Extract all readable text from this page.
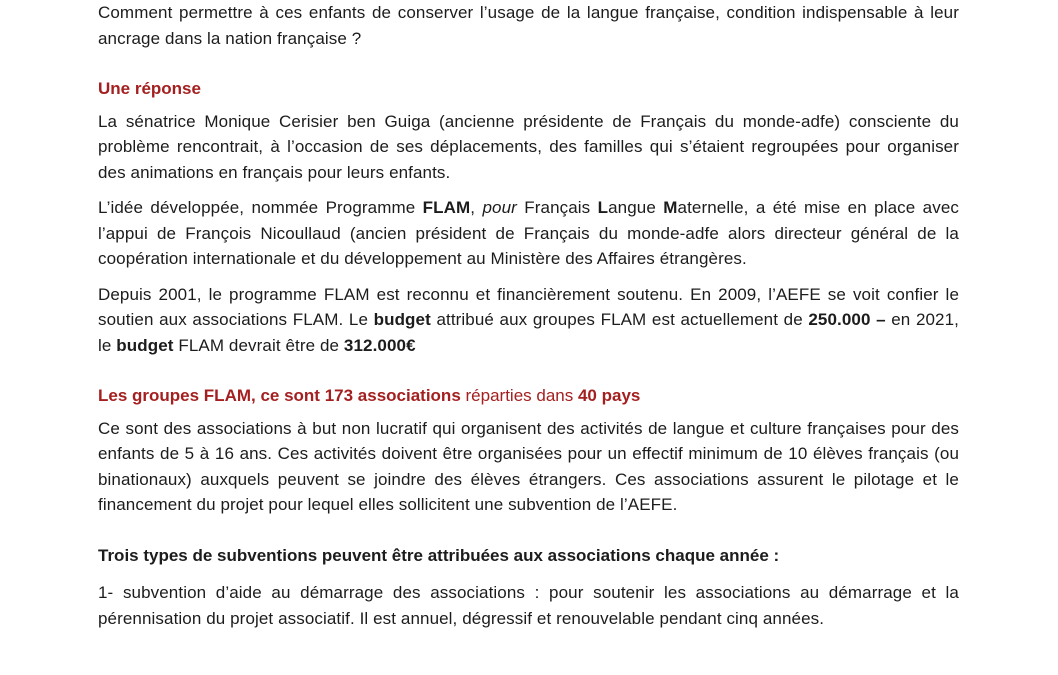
Comment permettre à ces enfants de conserver l’usage de la langue française, condition indispensable à leur ancrage dans la nation française ?

Une réponse

La sénatrice Monique Cerisier ben Guiga (ancienne présidente de Français du monde-adfe) consciente du problème rencontrait, à l’occasion de ses déplacements, des familles qui s’étaient regroupées pour organiser des animations en français pour leurs enfants.

L’idée développée, nommée Programme FLAM, pour Français Langue Maternelle, a été mise en place avec l’appui de François Nicoullaud (ancien président de Français du monde-adfe alors directeur général de la coopération internationale et du développement au Ministère des Affaires étrangères.

Depuis 2001, le programme FLAM est reconnu et financièrement soutenu. En 2009, l’AEFE se voit confier le soutien aux associations FLAM. Le budget attribué aux groupes FLAM est actuellement de 250.000 – en 2021, le budget FLAM devrait être de 312.000€

Les groupes FLAM, ce sont 173 associations réparties dans 40 pays

Ce sont des associations à but non lucratif qui organisent des activités de langue et culture françaises pour des enfants de 5 à 16 ans. Ces activités doivent être organisées pour un effectif minimum de 10 élèves français (ou binationaux) auxquels peuvent se joindre des élèves étrangers. Ces associations assurent le pilotage et le financement du projet pour lequel elles sollicitent une subvention de l’AEFE.

Trois types de subventions peuvent être attribuées aux associations chaque année :

1- subvention d’aide au démarrage des associations : pour soutenir les associations au démarrage et la pérennisation du projet associatif. Il est annuel, dégressif et renouvelable pendant cinq années.
